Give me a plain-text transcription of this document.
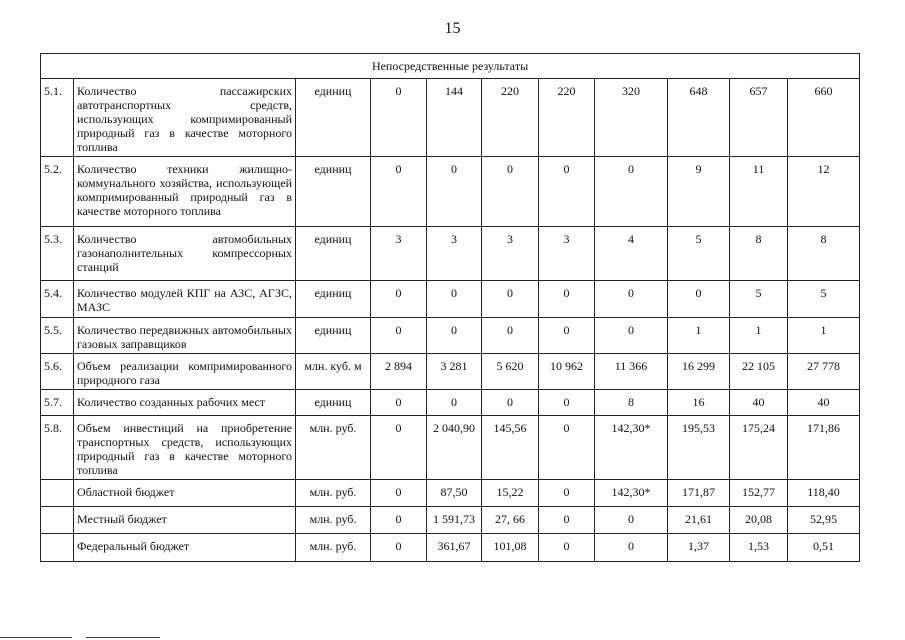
15
Непосредственные результаты										
5.1.	Количество пассажирских автотранспортных средств, использующих компримированный природный газ в качестве моторного топлива	единиц	0	144	220	220	320	648	657	660
5.2.	Количество техники жилищно-коммунального хозяйства, использующей компримированный природный газ в качестве моторного топлива	единиц	0	0	0	0	0	9	11	12
5.3.	Количество автомобильных газонаполнительных компрессорных станций	единиц	3	3	3	3	4	5	8	8
5.4.	Количество модулей КПГ на АЗС, АГЗС, МАЗС	единиц	0	0	0	0	0	0	5	5
5.5.	Количество передвижных автомобильных газовых заправщиков	единиц	0	0	0	0	0	1	1	1
5.6.	Объем реализации компримированного природного газа	млн. куб. м	2 894	3 281	5 620	10 962	11 366	16 299	22 105	27 778
5.7.	Количество созданных рабочих мест	единиц	0	0	0	0	8	16	40	40
5.8.	Объем инвестиций на приобретение транспортных средств, использующих природный газ в качестве моторного топлива	млн. руб.	0	2 040,90	145,56	0	142,30*	195,53	175,24	171,86
	Областной бюджет	млн. руб.	0	87,50	15,22	0	142,30*	171,87	152,77	118,40
	Местный бюджет	млн. руб.	0	1 591,73	27, 66	0	0	21,61	20,08	52,95
	Федеральный бюджет	млн. руб.	0	361,67	101,08	0	0	1,37	1,53	0,51
